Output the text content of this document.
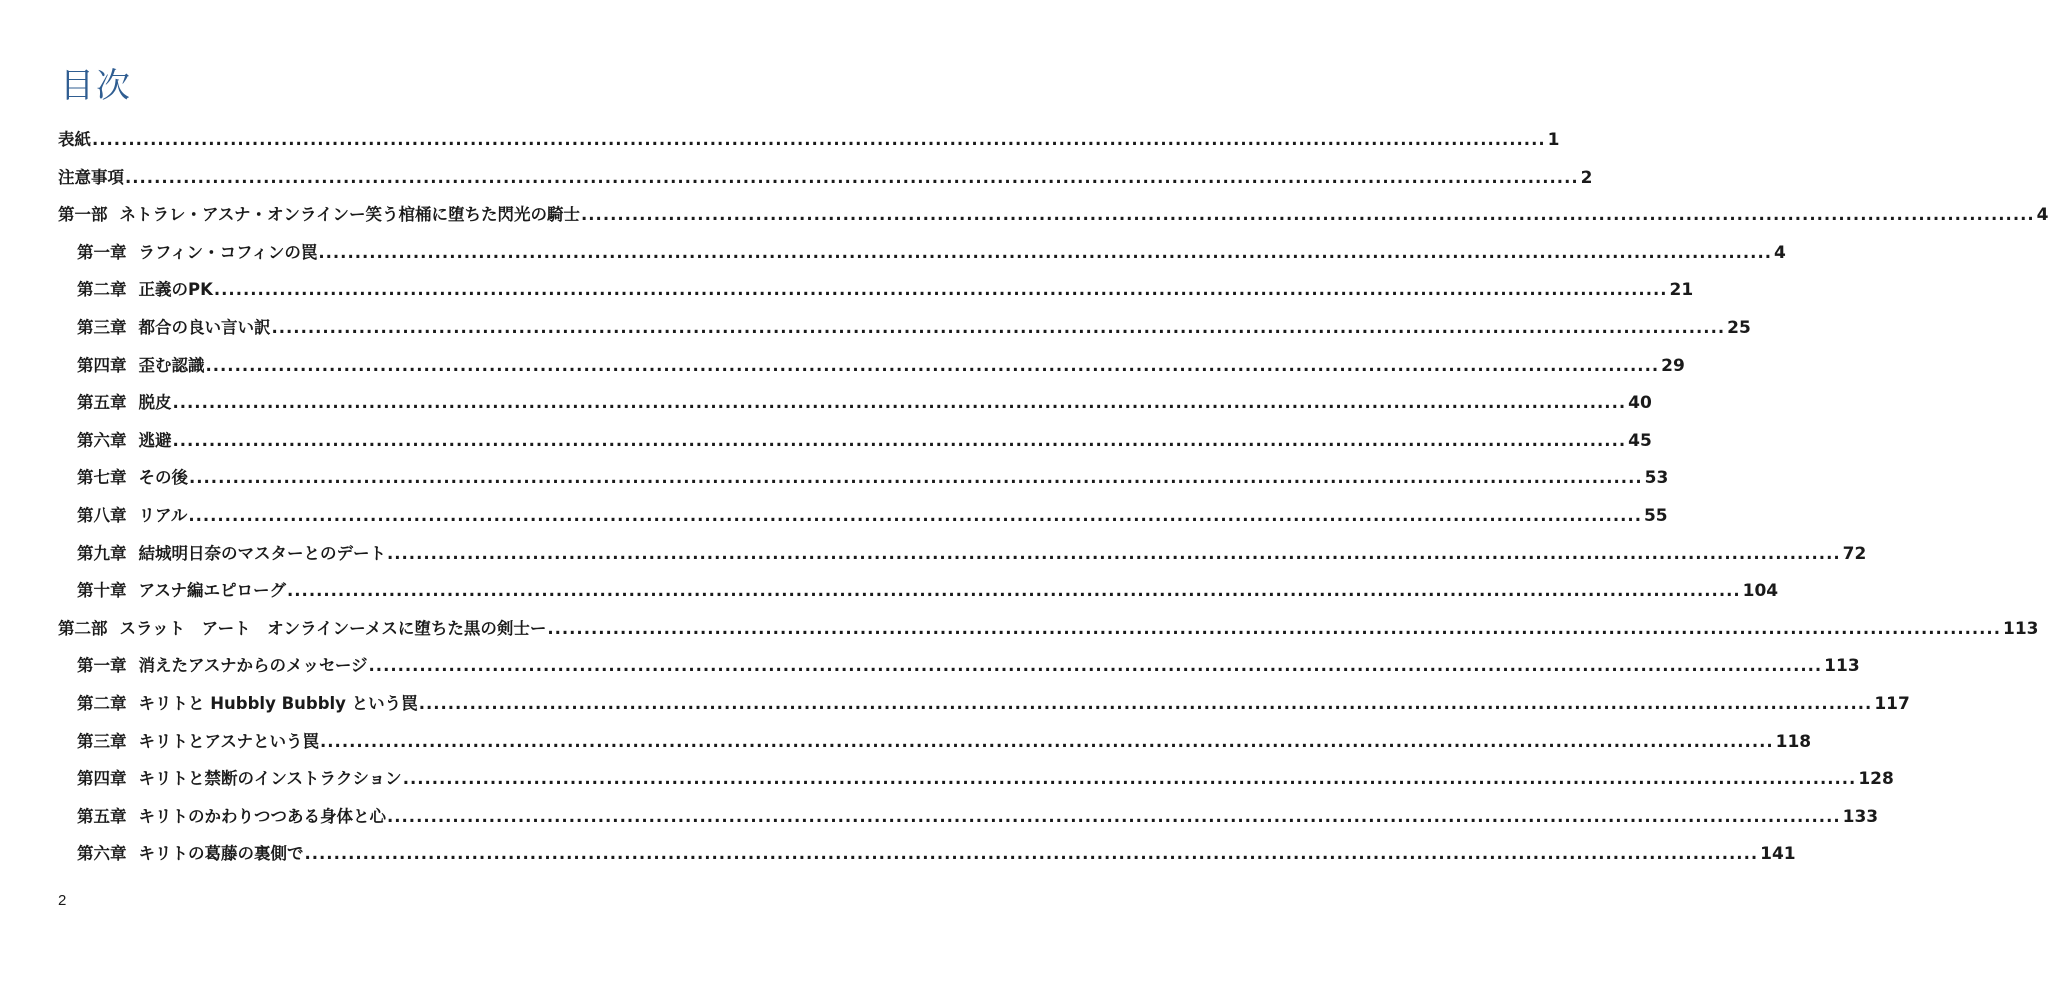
目次
表紙 ........................................................................................................................................................................................................ 1
注意事項 ........................................................................................................................................................................................................ 2
第一部 ネトラレ・アスナ・オンラインー笑う棺桶に堕ちた閃光の騎士 ........................................................................................................................................................................................................ 4
第一章 ラフィン・コフィンの罠 ........................................................................................................................................................................................................ 4
第二章 正義のPK ........................................................................................................................................................................................................ 21
第三章 都合の良い言い訳 ........................................................................................................................................................................................................ 25
第四章 歪む認識 ........................................................................................................................................................................................................ 29
第五章 脱皮 ........................................................................................................................................................................................................ 40
第六章 逃避 ........................................................................................................................................................................................................ 45
第七章 その後 ........................................................................................................................................................................................................ 53
第八章 リアル ........................................................................................................................................................................................................ 55
第九章 結城明日奈のマスターとのデート ........................................................................................................................................................................................................ 72
第十章 アスナ編エピローグ ........................................................................................................................................................................................................ 104
第二部 スラット　アート　オンラインーメスに堕ちた黒の剣士ー ........................................................................................................................................................................................................ 113
第一章 消えたアスナからのメッセージ ........................................................................................................................................................................................................ 113
第二章 キリトと Hubbly Bubbly という罠 ........................................................................................................................................................................................................ 117
第三章 キリトとアスナという罠 ........................................................................................................................................................................................................ 118
第四章 キリトと禁断のインストラクション ........................................................................................................................................................................................................ 128
第五章 キリトのかわりつつある身体と心 ........................................................................................................................................................................................................ 133
第六章 キリトの葛藤の裏側で ........................................................................................................................................................................................................ 141
2
